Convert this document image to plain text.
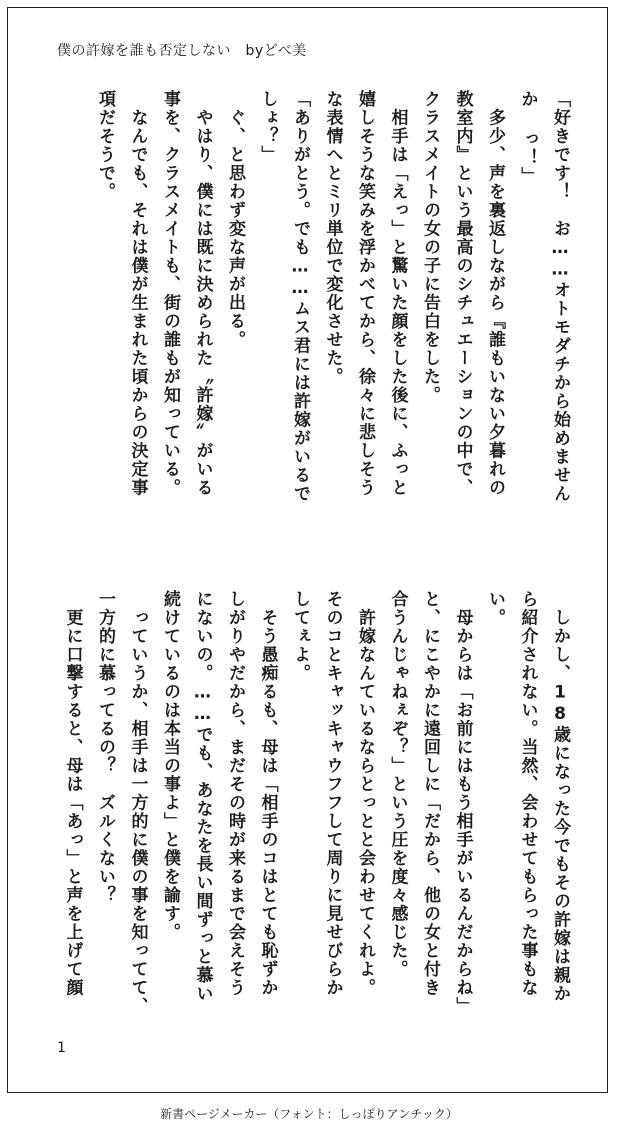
僕の許嫁を誰も否定しない　byどべ美
1
「好きです！　お……オトモダチから始めません
　しかし、18歳になった今でもその許嫁は親か
か っ！」
ら紹介されない。当然、会わせてもらった事もな
　多少、声を裏返しながら『誰もいない夕暮れの
い。
教室内』という最高のシチュエーションの中で、
　母からは「お前にはもう相手がいるんだからね」
クラスメイトの女の子に告白をした。
と、にこやかに遠回しに「だから、他の女と付き
　相手は「えっ」と驚いた顔をした後に、ふっと
合うんじゃねぇぞ？」という圧を度々感じた。
嬉しそうな笑みを浮かべてから、徐々に悲しそう
　許嫁なんているならとっとと会わせてくれよ。
な表情へとミリ単位で変化させた。
そのコとキャッキャウフフして周りに見せびらか
「ありがとう。でも……ムス君には許嫁がいるで
してぇよ。
しょ？」
　そう愚痴るも、母は「相手のコはとても恥ずか
　ぐ、と思わず変な声が出る。
しがりやだから、まだその時が来るまで会えそう
　やはり、僕には既に決められた〝許嫁〟がいる
にないの。……でも、あなたを長い間ずっと慕い
事を、クラスメイトも、街の誰もが知っている。
続けているのは本当の事よ」と僕を諭す。
　なんでも、それは僕が生まれた頃からの決定事
　っていうか、相手は一方的に僕の事を知ってて、
項だそうで。
一方的に慕ってるの？　ズルくない？
　更に口撃すると、母は「あっ」と声を上げて顔
新書ページメーカー（フォント：しっぽりアンチック）
